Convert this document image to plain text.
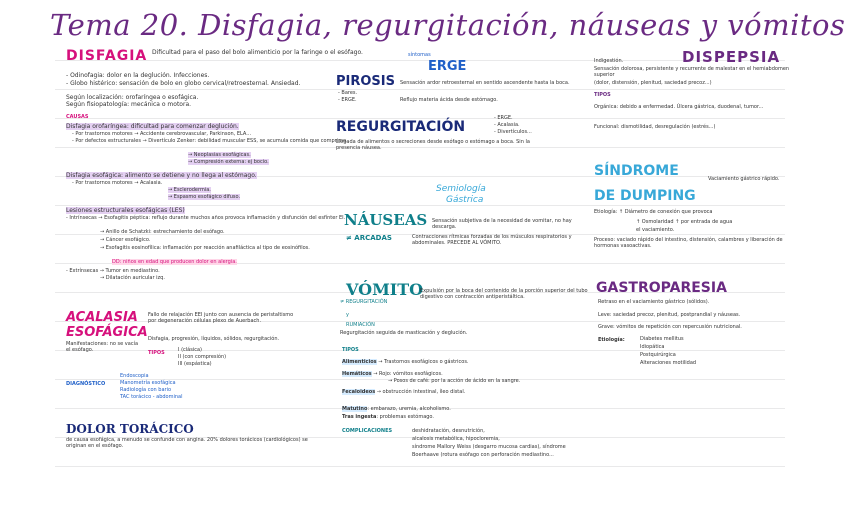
Tema 20. Disfagia, regurgitación, náuseas y vómitos
DISFAGIA Dificultad para el paso del bolo alimenticio por la faringe o el esófago.
- Odinofagia: dolor en la deglución. Infecciones.
- Globo histérico: sensación de bolo en globo cervical/retroesternal. Ansiedad.
Según localización: orofaríngea o esofágica.
Según fisiopatología: mecánica o motora.
CAUSAS
Disfagia orofaríngea: dificultad para comenzar deglución.
- Por trastornos motores → Accidente cerebrovascular, Parkinson, ELA...
- Por defectos estructurales → Divertículo Zenker: debilidad muscular ESS, se acumula comida que comprime.
→ Neoplasias esofágicas.
→ Compresión externa: ej bocio.
Disfagia esofágica: alimento se detiene y no llega al estómago.
- Por trastornos motores → Acalasia.
→ Esclerodermia.
→ Espasmo esofágico difuso.
Lesiones estructurales esofágicas (LES)
- Intrínsecas → Esofagitis péptica: reflujo durante muchos años provoca inflamación y disfunción del esfínter EI.
→ Anillo de Schatzki: estrechamiento del esófago.
→ Cáncer esofágico.
→ Esofagitis eosinofílica: inflamación por reacción anafiláctica al tipo de eosinófilos.
DD: niños en edad que producen dolor en alergia.
- Extrínsecas → Tumor en mediastino.
→ Dilatación auricular izq.
ACALASIA
ESOFÁGICA
Fallo de relajación EEI junto con ausencia de peristaltismo por degeneración células plexo de Auerbach.
Manifestaciones: no se vacía el esófago.
Disfagia, progresión, líquidos, sólidos, regurgitación.
TIPOS	I (clásica)
II (con compresión)
III (espástica)
DIAGNÓSTICO
Endoscopia
Manometría esofágica
Radiología con bario
TAC torácico - abdominal
DOLOR TORÁCICO
de causa esofágica, a menudo se confunde con angina. 20% dolores torácicos (cardiológicos) se originan en el esófago.
síntomas
ERGE
PIROSIS Sensación ardor retroesternal en sentido ascendente hasta la boca.
- Bares.
- ERGE.	Reflujo materia ácida desde estómago.
REGURGITACIÓN
- ERGE.
- Acalasia.
- Divertículos...
Llegada de alimentos o secreciones desde esófago o estómago a boca. Sin la presencia náusea.
Semiología
Gástrica
NÁUSEAS Sensación subjetiva de la necesidad de vomitar, no hay descarga.
≠ ARCADAS	Contracciones rítmicas forzadas de los músculos respiratorios y abdominales. PRECEDE AL VÓMITO.
VÓMITO
Expulsión por la boca del contenido de la porción superior del tubo digestivo con contracción antiperistáltica.
≠ REGURGITACIÓN
y
RUMIACIÓN
Regurgitación seguida de masticación y deglución.
TIPOS
Alimenticios → Trastornos esofágicos o gástricos.
Hemáticos → Rojo: vómitos esofágicos.
→ Posos de café: por la acción de ácido en la sangre.
Fecaloideos → obstrucción intestinal, íleo distal.
Matutino: embarazo, uremia, alcoholismo.
Tras ingesta: problemas estómago.
COMPLICACIONES	deshidratación, desnutrición,
alcalosis metabólica, hipocloremia,
síndrome Mallory Weiss (desgarro mucosa cardias), síndrome
Boerhaave (rotura esófago con perforación mediastino...
DISPEPSIA
Indigestión.
Sensación dolorosa, persistente y recurrente de malestar en el hemiabdomen superior
(dolor, distensión, plenitud, saciedad precoz...)
TIPOS
Orgánica: debido a enfermedad. Úlcera gástrica, duodenal, tumor...
Funcional: dismotilidad, desregulación (estrés...)
SÍNDROME
DE DUMPING
Vaciamiento gástrico rápido.
Etiología: ↑ Diámetro de conexión que provoca
↑ Osmolaridad ↑ por entrada de agua
el vaciamiento.
Proceso: vaciado rápido del intestino, distensión, calambres y liberación de hormonas vasoactivas.
GASTROPARESIA
Retraso en el vaciamiento gástrico (sólidos).
Leve: saciedad precoz, plenitud, postprandial y náuseas.
Grave: vómitos de repetición con repercusión nutricional.
Etiología:	Diabetes mellitus
Idiopática
Postquirúrgica
Alteraciones motilidad
